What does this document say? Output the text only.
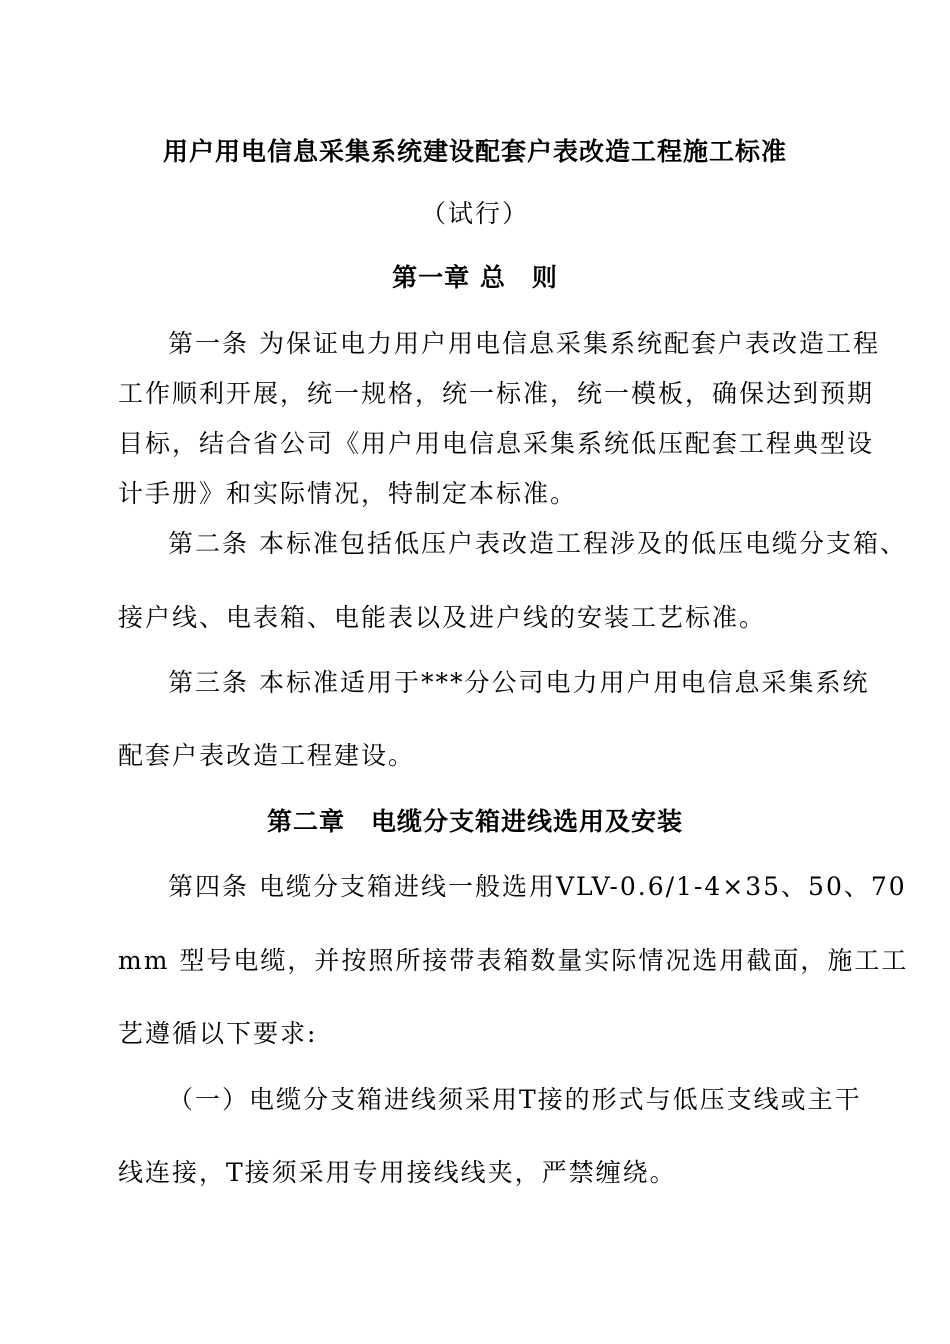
用户用电信息采集系统建设配套户表改造工程施工标准
（试行）
第一章 总　则
第一条 为保证电力用户用电信息采集系统配套户表改造工程
工作顺利开展，统一规格，统一标准，统一模板，确保达到预期
目标，结合省公司《用户用电信息采集系统低压配套工程典型设
计手册》和实际情况，特制定本标准。
第二条 本标准包括低压户表改造工程涉及的低压电缆分支箱、
接户线、电表箱、电能表以及进户线的安装工艺标准。
第三条 本标准适用于***分公司电力用户用电信息采集系统
配套户表改造工程建设。
第二章　电缆分支箱进线选用及安装
第四条 电缆分支箱进线一般选用VLV-0.6/1-4×35、50、70
mm 型号电缆，并按照所接带表箱数量实际情况选用截面，施工工
艺遵循以下要求:
（一）电缆分支箱进线须采用T接的形式与低压支线或主干
线连接，T接须采用专用接线线夹，严禁缠绕。
